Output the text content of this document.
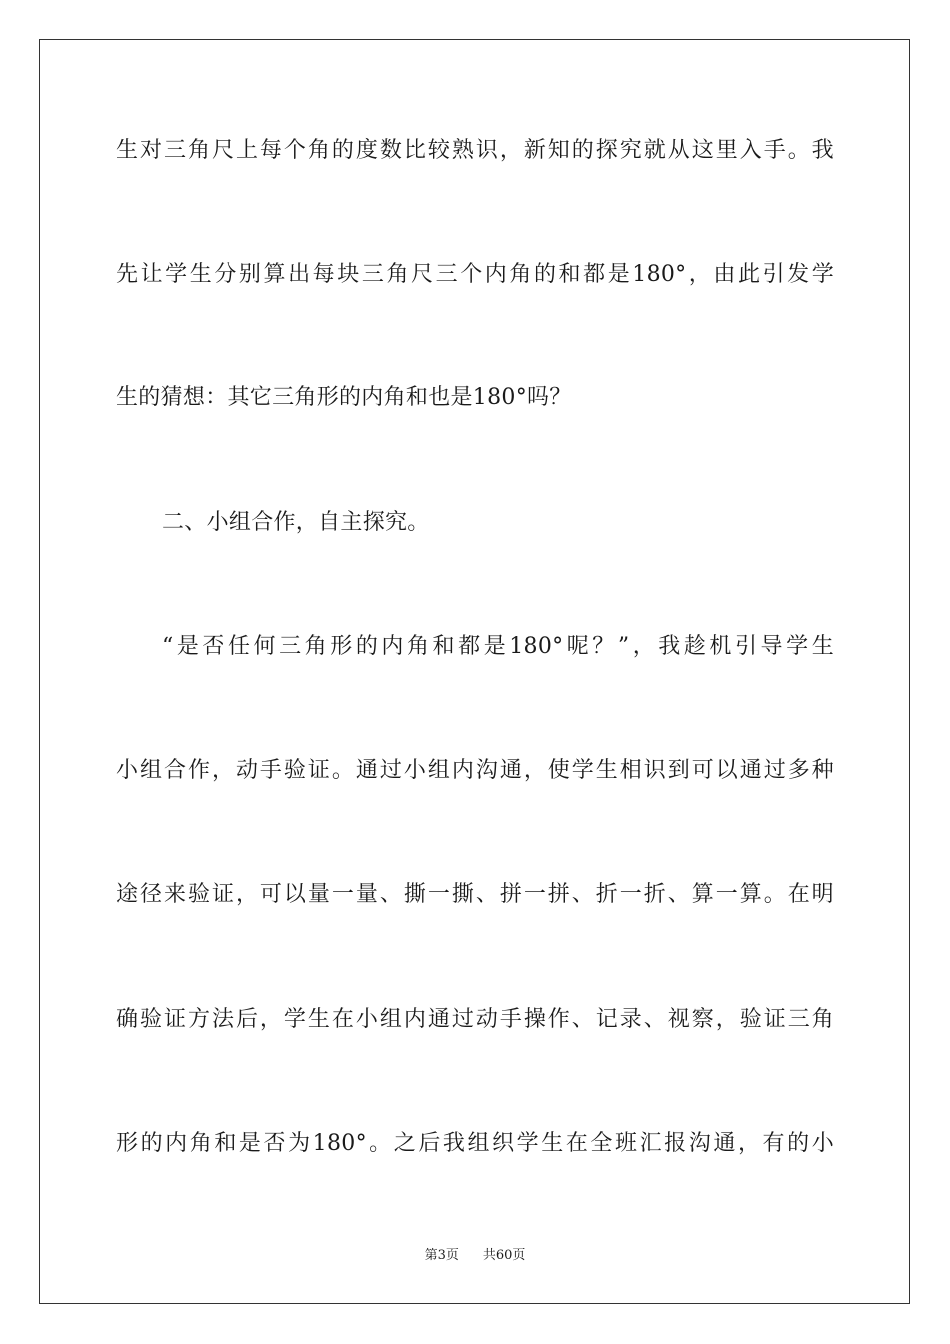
生对三角尺上每个角的度数比较熟识，新知的探究就从这里入手。我
先让学生分别算出每块三角尺三个内角的和都是180°，由此引发学
生的猜想：其它三角形的内角和也是180°吗？
二、小组合作，自主探究。
“是否任何三角形的内角和都是180°呢？”，我趁机引导学生
小组合作，动手验证。通过小组内沟通，使学生相识到可以通过多种
途径来验证，可以量一量、撕一撕、拼一拼、折一折、算一算。在明
确验证方法后，学生在小组内通过动手操作、记录、视察，验证三角
形的内角和是否为180°。之后我组织学生在全班汇报沟通，有的小
第3页 共60页
